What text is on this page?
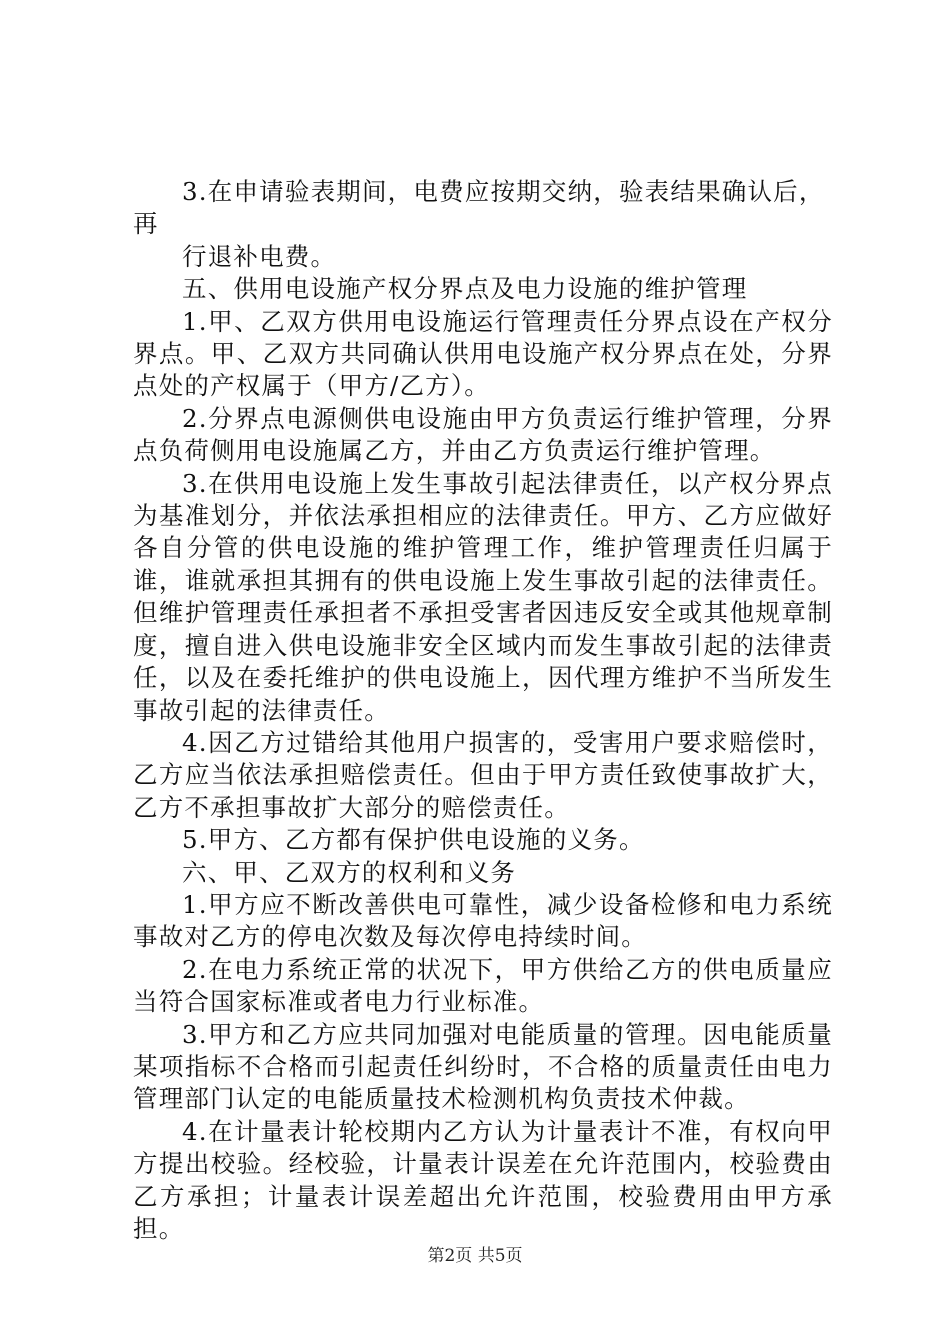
3.在申请验表期间，电费应按期交纳，验表结果确认后，

再

行退补电费。

五、供用电设施产权分界点及电力设施的维护管理

1.甲、乙双方供用电设施运行管理责任分界点设在产权分界点。甲、乙双方共同确认供用电设施产权分界点在处，分界点处的产权属于（甲方/乙方）。

2.分界点电源侧供电设施由甲方负责运行维护管理，分界点负荷侧用电设施属乙方，并由乙方负责运行维护管理。

3.在供用电设施上发生事故引起法律责任，以产权分界点为基准划分，并依法承担相应的法律责任。甲方、乙方应做好各自分管的供电设施的维护管理工作，维护管理责任归属于谁，谁就承担其拥有的供电设施上发生事故引起的法律责任。但维护管理责任承担者不承担受害者因违反安全或其他规章制度，擅自进入供电设施非安全区域内而发生事故引起的法律责任，以及在委托维护的供电设施上，因代理方维护不当所发生事故引起的法律责任。

4.因乙方过错给其他用户损害的，受害用户要求赔偿时，乙方应当依法承担赔偿责任。但由于甲方责任致使事故扩大，乙方不承担事故扩大部分的赔偿责任。

5.甲方、乙方都有保护供电设施的义务。

六、甲、乙双方的权利和义务

1.甲方应不断改善供电可靠性，减少设备检修和电力系统事故对乙方的停电次数及每次停电持续时间。

2.在电力系统正常的状况下，甲方供给乙方的供电质量应当符合国家标准或者电力行业标准。

3.甲方和乙方应共同加强对电能质量的管理。因电能质量某项指标不合格而引起责任纠纷时，不合格的质量责任由电力管理部门认定的电能质量技术检测机构负责技术仲裁。

4.在计量表计轮校期内乙方认为计量表计不准，有权向甲方提出校验。经校验，计量表计误差在允许范围内，校验费由乙方承担；计量表计误差超出允许范围，校验费用由甲方承担。

第2页 共5页
